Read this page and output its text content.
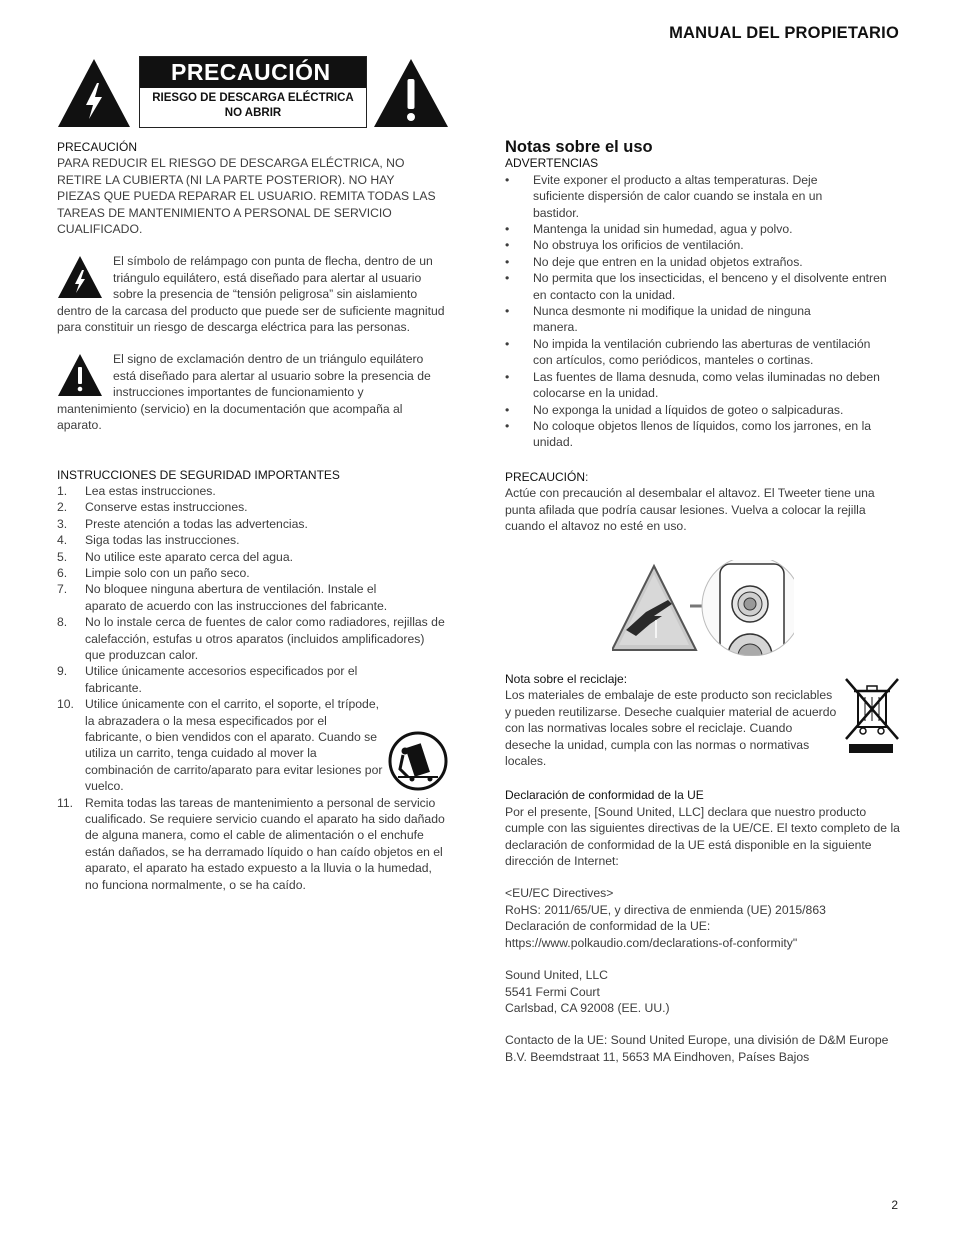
MANUAL DEL PROPIETARIO
PRECAUCIÓN
RIESGO DE DESCARGA ELÉCTRICA
NO ABRIR

PRECAUCIÓN

PARA REDUCIR EL RIESGO DE DESCARGA ELÉCTRICA, NO RETIRE LA CUBIERTA (NI LA PARTE POSTERIOR). NO HAY PIEZAS QUE PUEDA REPARAR EL USUARIO. REMITA TODAS LAS TAREAS DE MANTENIMIENTO A PERSONAL DE SERVICIO CUALIFICADO.

El símbolo de relámpago con punta de flecha, dentro de un triángulo equilátero, está diseñado para alertar al usuario sobre la presencia de “tensión peligrosa” sin aislamiento dentro de la carcasa del producto que puede ser de suficiente magnitud para constituir un riesgo de descarga eléctrica para las personas.

El signo de exclamación dentro de un triángulo equilátero está diseñado para alertar al usuario sobre la presencia de instrucciones importantes de funcionamiento y mantenimiento (servicio) en la documentación que acompaña al aparato.

INSTRUCCIONES DE SEGURIDAD IMPORTANTES

1. Lea estas instrucciones.
2. Conserve estas instrucciones.
3. Preste atención a todas las advertencias.
4. Siga todas las instrucciones.
5. No utilice este aparato cerca del agua.
6. Limpie solo con un paño seco.
7. No bloquee ninguna abertura de ventilación. Instale el aparato de acuerdo con las instrucciones del fabricante.
8. No lo instale cerca de fuentes de calor como radiadores, rejillas de calefacción, estufas u otros aparatos (incluidos amplificadores) que produzcan calor.
9. Utilice únicamente accesorios especificados por el fabricante.
10. Utilice únicamente con el carrito, el soporte, el trípode, la abrazadera o la mesa especificados por el fabricante, o bien vendidos con el aparato. Cuando se utiliza un carrito, tenga cuidado al mover la combinación de carrito/aparato para evitar lesiones por vuelco.
11. Remita todas las tareas de mantenimiento a personal de servicio cualificado. Se requiere servicio cuando el aparato ha sido dañado de alguna manera, como el cable de alimentación o el enchufe están dañados, se ha derramado líquido o han caído objetos en el aparato, el aparato ha estado expuesto a la lluvia o la humedad, no funciona normalmente, o se ha caído.

Notas sobre el uso

ADVERTENCIAS

• Evite exponer el producto a altas temperaturas. Deje suficiente dispersión de calor cuando se instala en un bastidor.
• Mantenga la unidad sin humedad, agua y polvo.
• No obstruya los orificios de ventilación.
• No deje que entren en la unidad objetos extraños.
• No permita que los insecticidas, el benceno y el disolvente entren en contacto con la unidad.
• Nunca desmonte ni modifique la unidad de ninguna manera.
• No impida la ventilación cubriendo las aberturas de ventilación con artículos, como periódicos, manteles o cortinas.
• Las fuentes de llama desnuda, como velas iluminadas no deben colocarse en la unidad.
• No exponga la unidad a líquidos de goteo o salpicaduras.
• No coloque objetos llenos de líquidos, como los jarrones, en la unidad.

PRECAUCIÓN:

Actúe con precaución al desembalar el altavoz. El Tweeter tiene una punta afilada que podría causar lesiones. Vuelva a colocar la rejilla cuando el altavoz no esté en uso.

Nota sobre el reciclaje:

Los materiales de embalaje de este producto son reciclables y pueden reutilizarse. Deseche cualquier material de acuerdo con las normativas locales sobre el reciclaje. Cuando deseche la unidad, cumpla con las normas o normativas locales.

Declaración de conformidad de la UE

Por el presente, [Sound United, LLC] declara que nuestro producto cumple con las siguientes directivas de la UE/CE. El texto completo de la declaración de conformidad de la UE está disponible en la siguiente dirección de Internet:

<EU/EC Directives>

RoHS: 2011/65/UE, y directiva de enmienda (UE) 2015/863

Declaración de conformidad de la UE:

https://www.polkaudio.com/declarations-of-conformity"

Sound United, LLC

5541 Fermi Court

Carlsbad, CA 92008 (EE. UU.)

Contacto de la UE: Sound United Europe, una división de D&M Europe B.V. Beemdstraat 11, 5653 MA Eindhoven, Países Bajos

2
